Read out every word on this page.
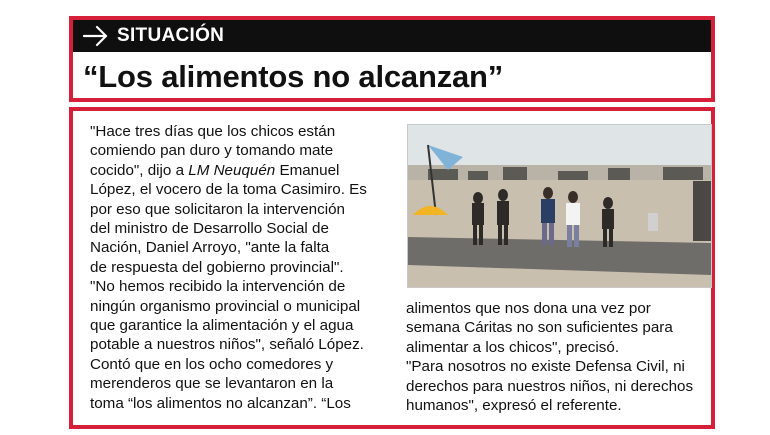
SITUACIÓN
“Los alimentos no alcanzan”
"Hace tres días que los chicos están
comiendo pan duro y tomando mate
cocido", dijo a LM Neuquén Emanuel
López, el vocero de la toma Casimiro. Es
por eso que solicitaron la intervención
del ministro de Desarrollo Social de
Nación, Daniel Arroyo, "ante la falta
de respuesta del gobierno provincial".
"No hemos recibido la intervención de
ningún organismo provincial o municipal
que garantice la alimentación y el agua
potable a nuestros niños", señaló López.
Contó que en los ocho comedores y
merenderos que se levantaron en la
toma “los alimentos no alcanzan”. “Los
alimentos que nos dona una vez por
semana Cáritas no son suficientes para
alimentar a los chicos", precisó.
"Para nosotros no existe Defensa Civil, ni
derechos para nuestros niños, ni derechos
humanos", expresó el referente.
